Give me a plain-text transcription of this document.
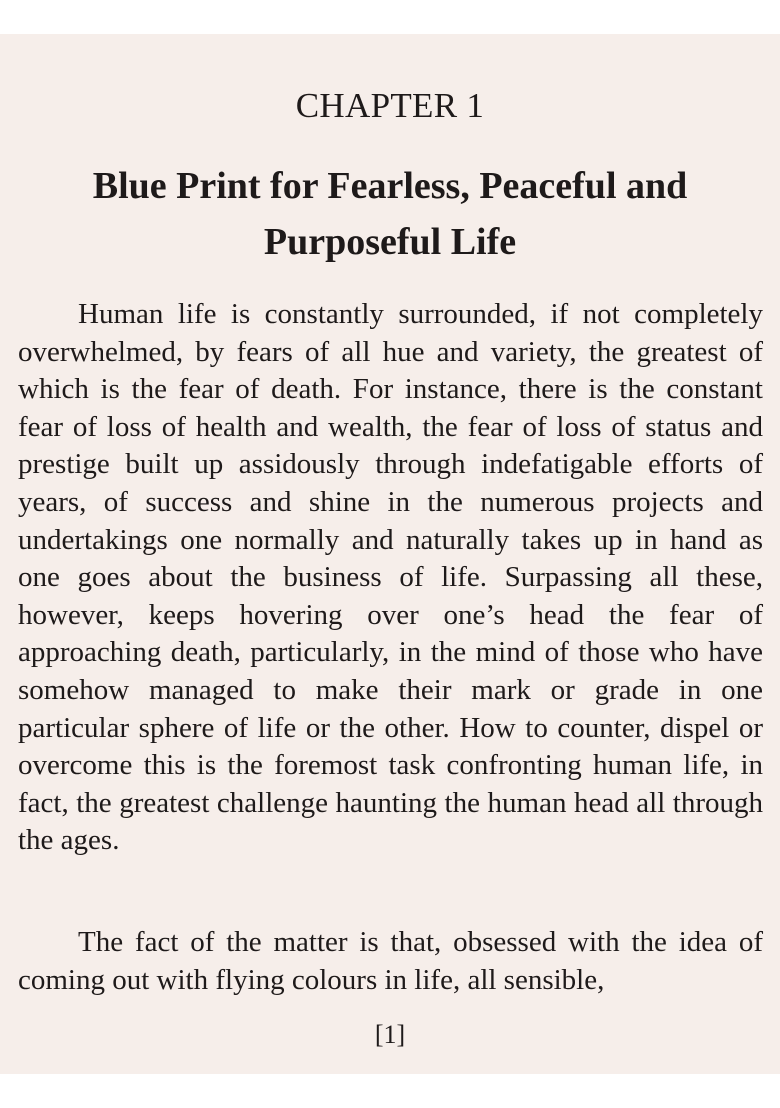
CHAPTER 1
Blue Print for Fearless, Peaceful and Purposeful Life

Human life is constantly surrounded, if not completely overwhelmed, by fears of all hue and variety, the greatest of which is the fear of death. For instance, there is the constant fear of loss of health and wealth, the fear of loss of status and prestige built up assidously through indefatigable efforts of years, of success and shine in the numerous projects and undertakings one normally and naturally takes up in hand as one goes about the business of life. Surpassing all these, however, keeps hovering over one’s head the fear of approaching death, particularly, in the mind of those who have somehow managed to make their mark or grade in one particular sphere of life or the other. How to counter, dispel or overcome this is the foremost task confronting human life, in fact, the greatest challenge haunting the human head all through the ages.

The fact of the matter is that, obsessed with the idea of coming out with flying colours in life, all sensible,

[1]
